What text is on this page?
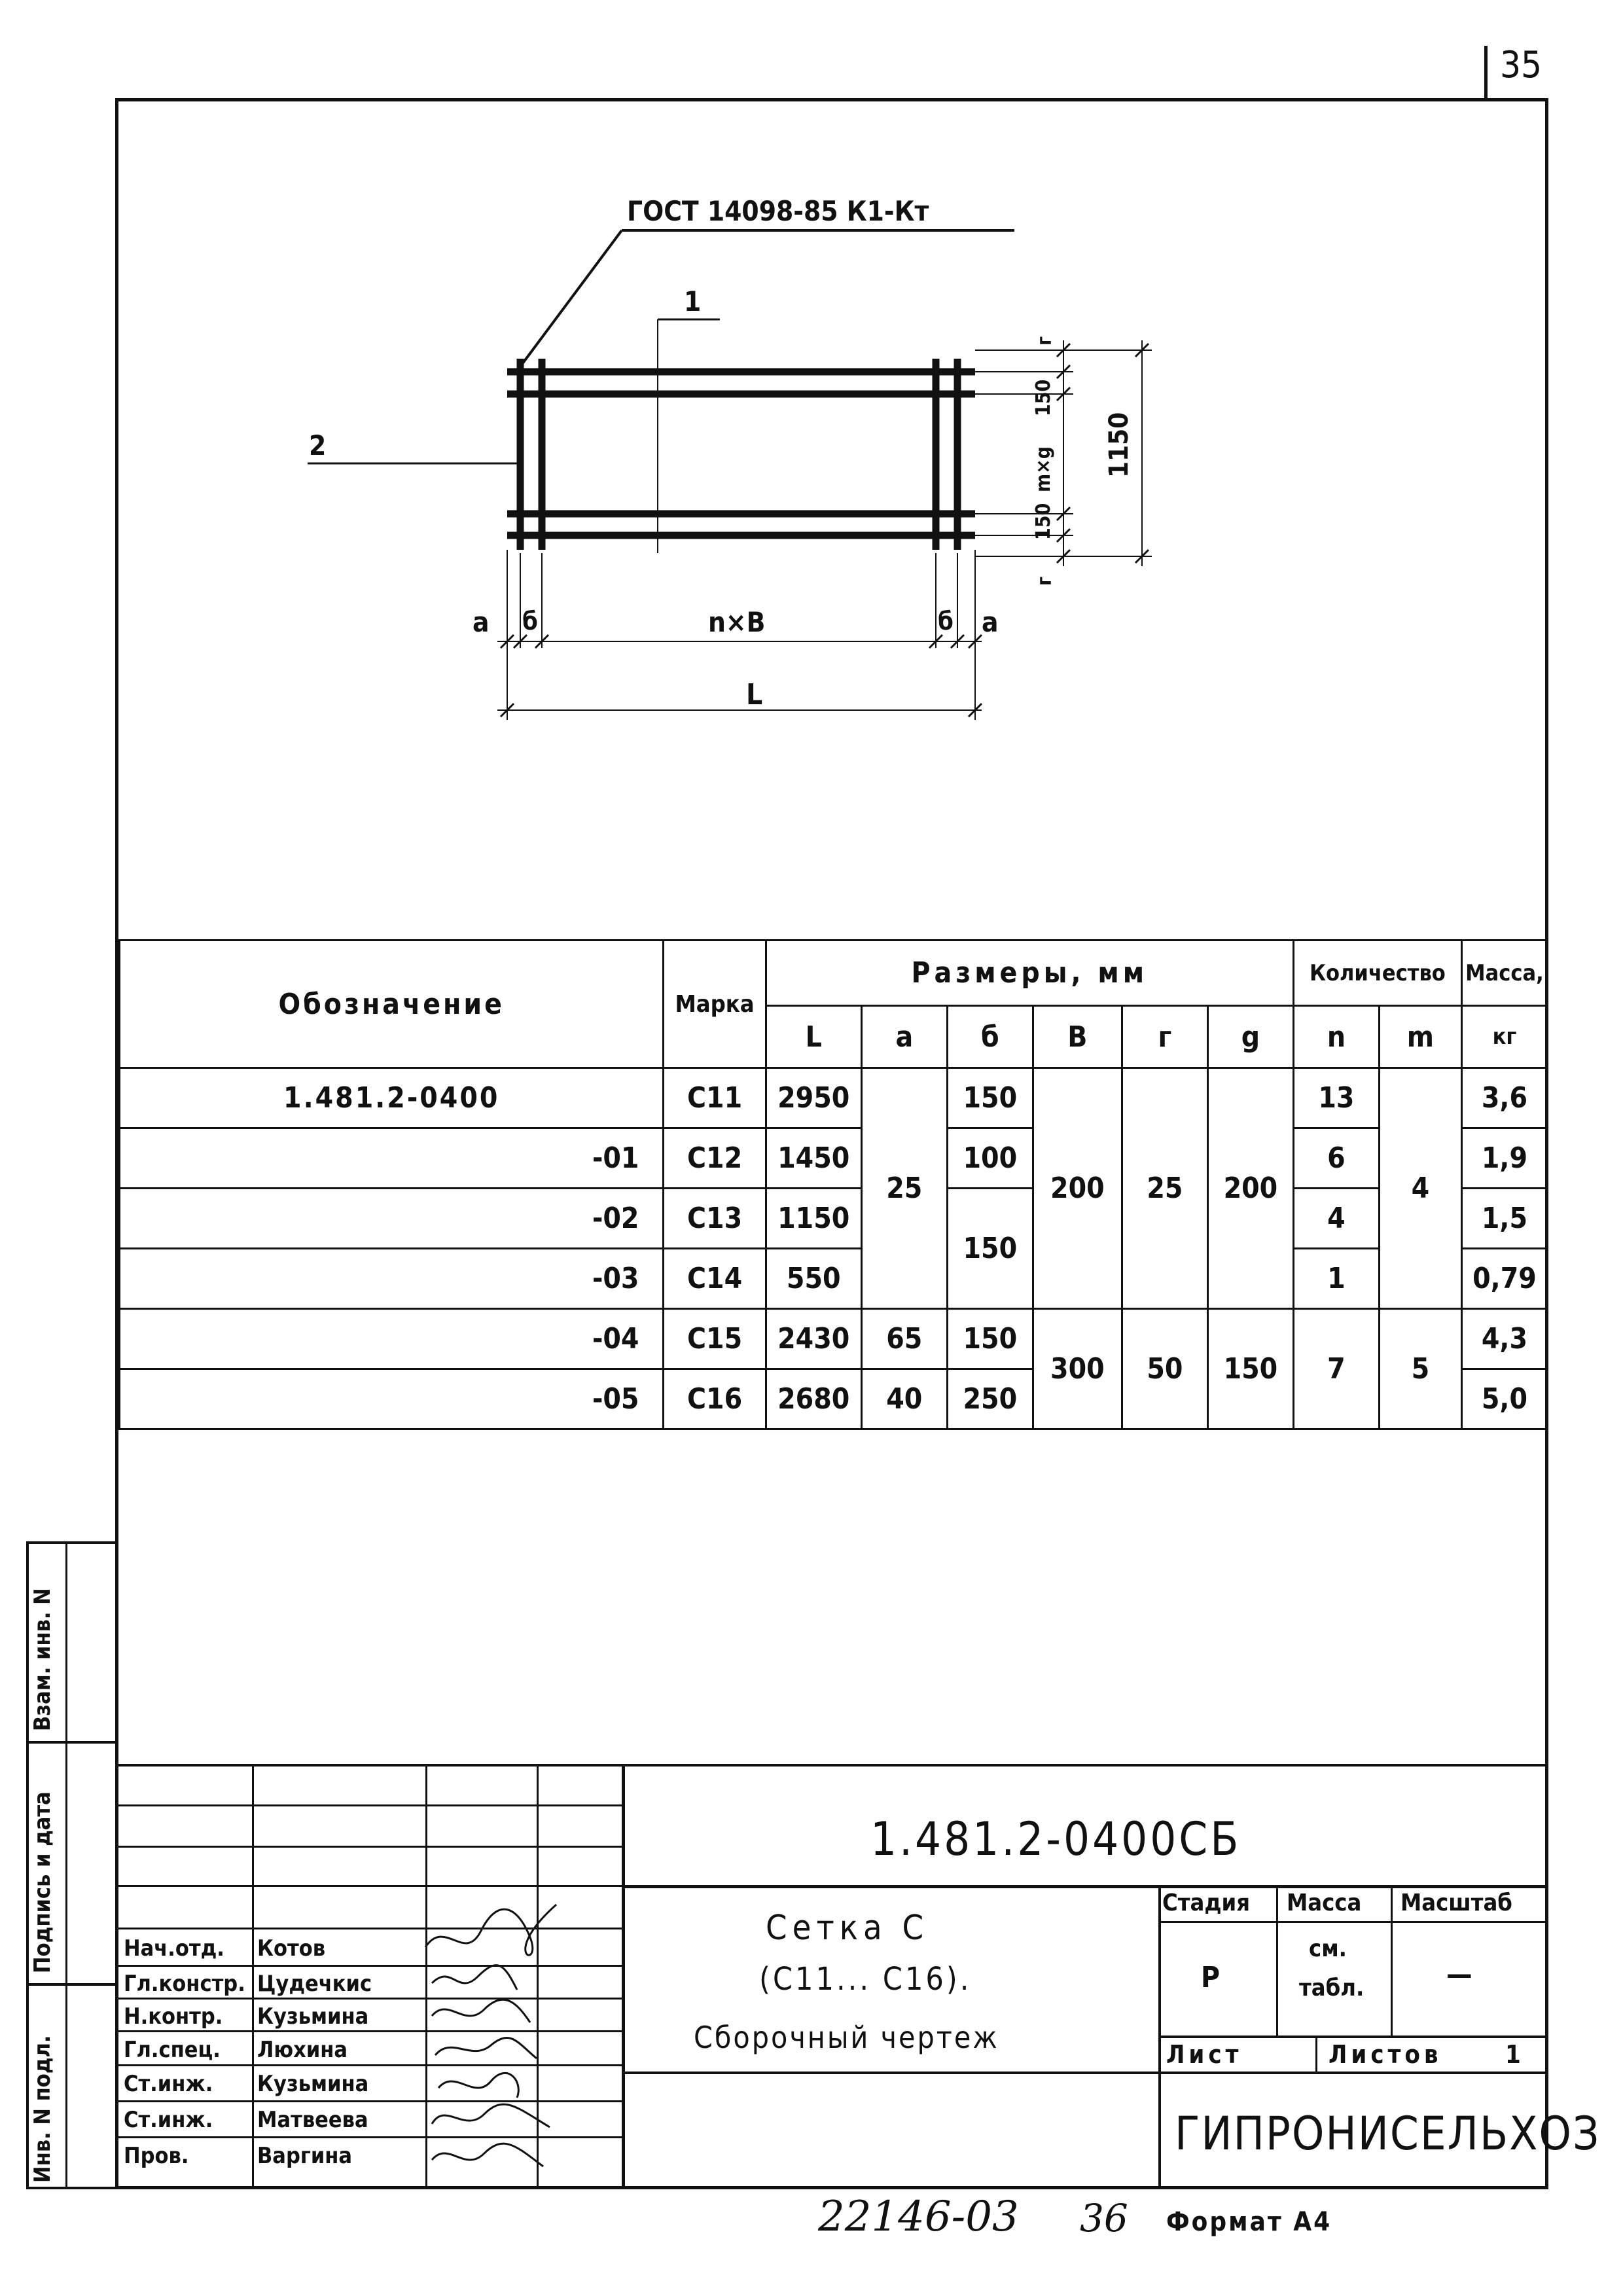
35
ГОСТ 14098-85 К1-Кт
1
2
а б	n×B	б а
L
г
150
m×g
150
г
1150
Обозначение	Марка	Размеры, мм						Количество		Масса,
		L	а	б	B	г	g	n	m	кг
1.481.2-0400	С11	2950	25	150	200	25	200	13	4	3,6
-01	С12	1450		100				6		1,9
-02	С13	1150		150				4		1,5
-03	С14	550						1		0,79
-04	С15	2430	65	150	300	50	150	7	5	4,3
-05	С16	2680	40	250						5,0
Взам. инв. N
Подпись и дата
Инв. N подл.
Нач.отд. Котов
Гл.констр. Цудечкис
Н.контр. Кузьмина
Гл.спец. Люхина
Ст.инж. Кузьмина
Ст.инж. Матвеева
Пров.	Варгина
1.481.2-0400СБ
Сетка С
(С11... С16).
Сборочный чертеж
Стадия Масса Масштаб
Р
см.
табл.	—
Лист	Листов	1
ГИПРОНИСЕЛЬХОЗ
22146-03 36 Формат А4
